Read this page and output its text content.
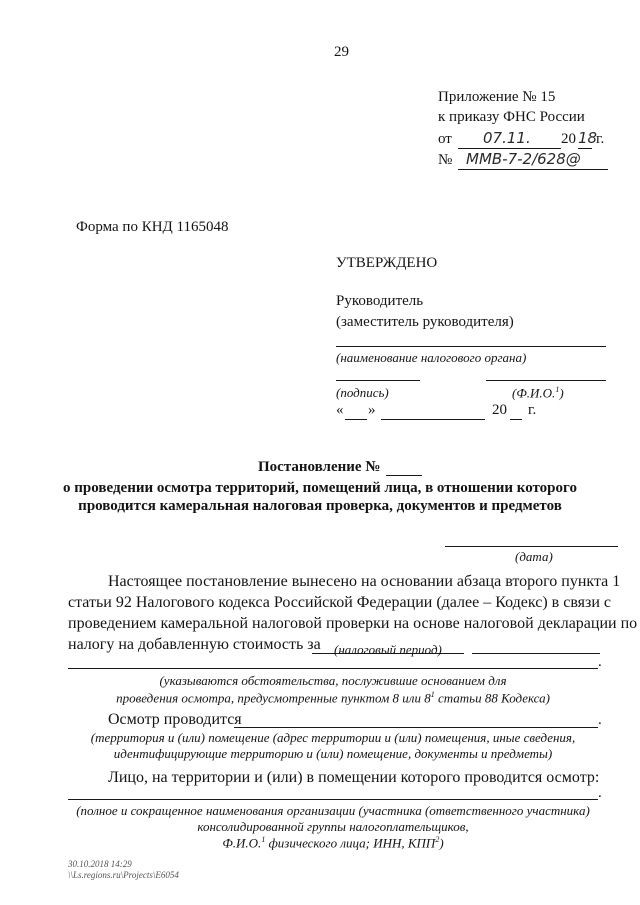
29
Приложение № 15
к приказу ФНС России
от 07.11. 20 18
г.
№ ММВ-7-2/628@
Форма по КНД 1165048
УТВЕРЖДЕНО
Руководитель
(заместитель руководителя)
(наименование налогового органа)
(подпись)	(Ф.И.О.$^1$)
« »	20 г.
Постановление №
о проведении осмотра территорий, помещений лица, в отношении которого
проводится камеральная налоговая проверка, документов и предметов
(дата)
Настоящее постановление вынесено на основании абзаца второго пункта 1
статьи 92 Налогового кодекса Российской Федерации (далее – Кодекс) в связи с
проведением камеральной налоговой проверки на основе налоговой декларации по
налогу на добавленную стоимость за (налоговый период)
.
(указываются обстоятельства, послужившие основанием для
проведения осмотра, предусмотренные пунктом 8 или $8^1$ статьи 88 Кодекса)
Осмотр проводится	.
(территория и (или) помещение (адрес территории и (или) помещения, иные сведения,
идентифицирующие территорию и (или) помещение, документы и предметы)
Лицо, на территории и (или) в помещении которого проводится осмотр:
.
(полное и сокращенное наименования организации (участника (ответственного участника)
консолидированной группы налогоплательщиков,
Ф.И.О.$^1$ физического лица; ИНН, КПП$^2$)
30.10.2018 14:29
\\Ls.regions.ru\Projects\Е6054
